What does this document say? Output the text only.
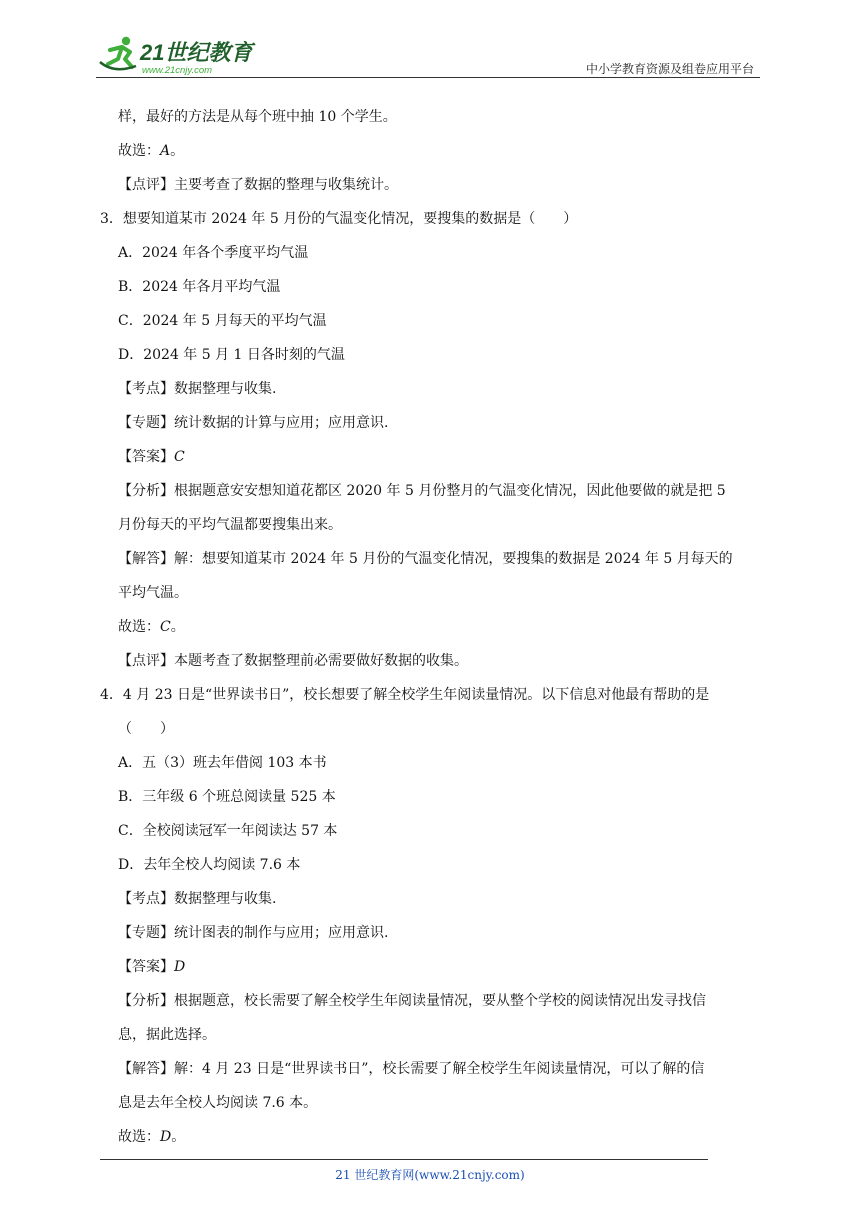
21世纪教育
www.21cnjy.com	中小学教育资源及组卷应用平台
样，最好的方法是从每个班中抽 10 个学生。
故选：A。
【点评】主要考查了数据的整理与收集统计。
3．想要知道某市 2024 年 5 月份的气温变化情况，要搜集的数据是（　　）
A．2024 年各个季度平均气温
B．2024 年各月平均气温
C．2024 年 5 月每天的平均气温
D．2024 年 5 月 1 日各时刻的气温
【考点】数据整理与收集.
【专题】统计数据的计算与应用；应用意识.
【答案】C
【分析】根据题意安安想知道花都区 2020 年 5 月份整月的气温变化情况，因此他要做的就是把 5
月份每天的平均气温都要搜集出来。
【解答】解：想要知道某市 2024 年 5 月份的气温变化情况，要搜集的数据是 2024 年 5 月每天的
平均气温。
故选：C。
【点评】本题考查了数据整理前必需要做好数据的收集。
4．4 月 23 日是“世界读书日”，校长想要了解全校学生年阅读量情况。以下信息对他最有帮助的是
（　　）
A．五（3）班去年借阅 103 本书
B．三年级 6 个班总阅读量 525 本
C．全校阅读冠军一年阅读达 57 本
D．去年全校人均阅读 7.6 本
【考点】数据整理与收集.
【专题】统计图表的制作与应用；应用意识.
【答案】D
【分析】根据题意，校长需要了解全校学生年阅读量情况，要从整个学校的阅读情况出发寻找信
息，据此选择。
【解答】解：4 月 23 日是“世界读书日”，校长需要了解全校学生年阅读量情况，可以了解的信
息是去年全校人均阅读 7.6 本。
故选：D。
21 世纪教育网(www.21cnjy.com)
